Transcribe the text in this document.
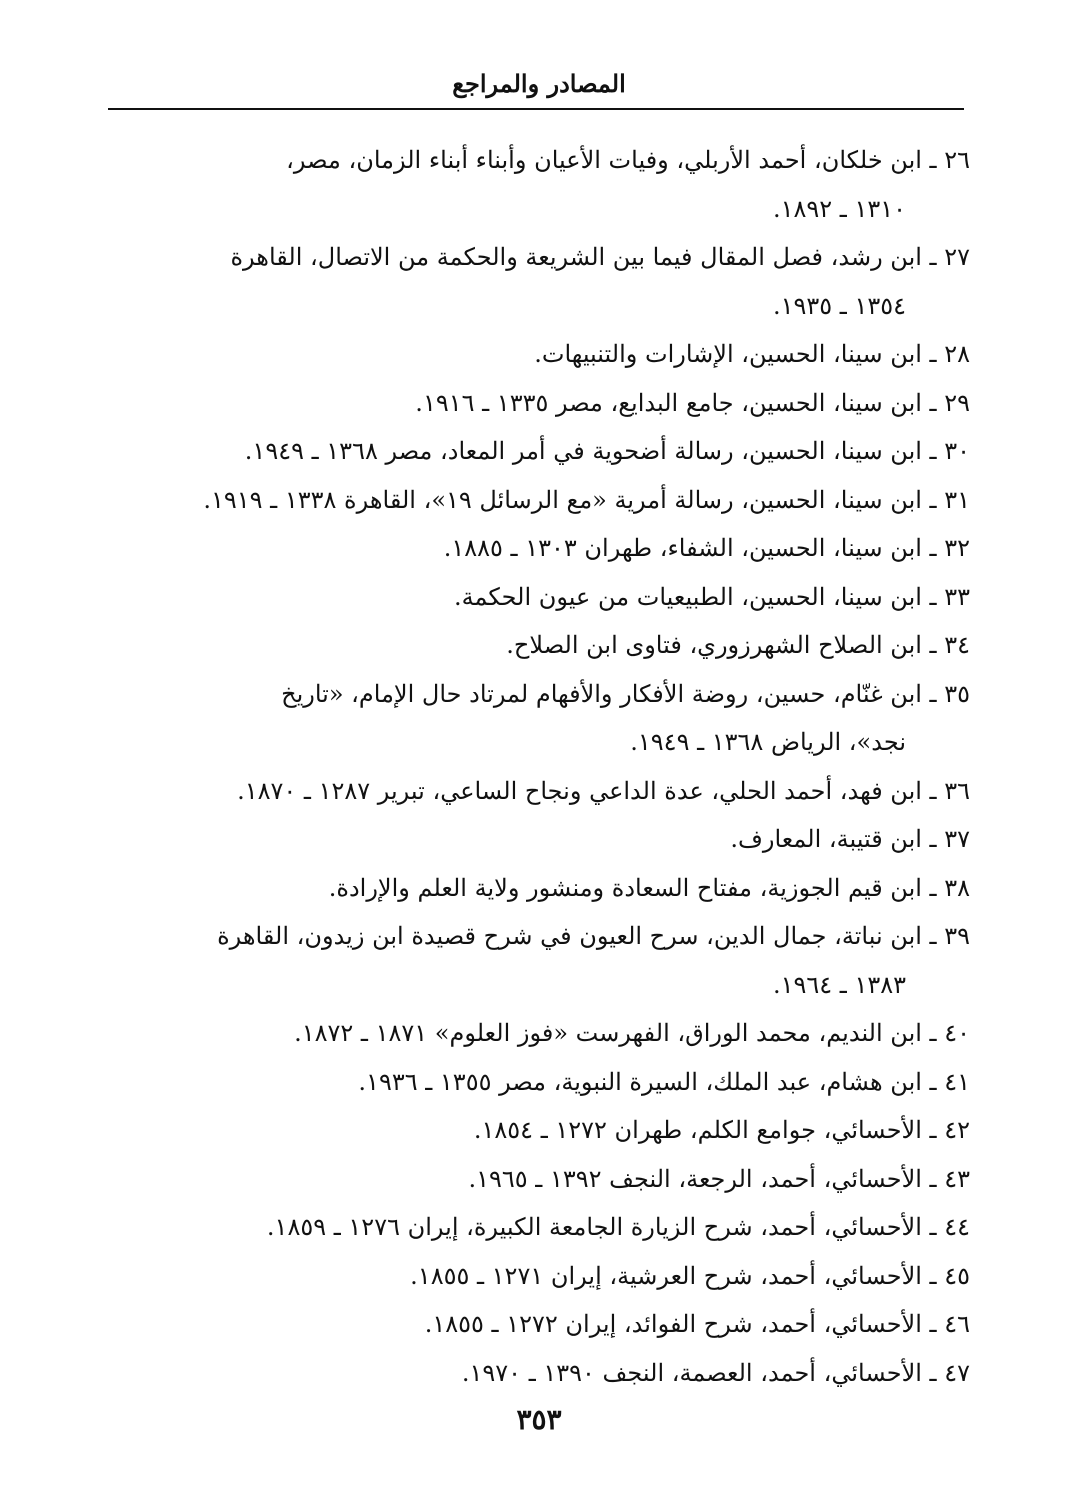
المصادر والمراجع
٢٦ ـ ابن خلكان، أحمد الأربلي، وفيات الأعيان وأبناء أبناء الزمان، مصر،
١٣١٠ ـ ١٨٩٢.
٢٧ ـ ابن رشد، فصل المقال فيما بين الشريعة والحكمة من الاتصال، القاهرة
١٣٥٤ ـ ١٩٣٥.
٢٨ ـ ابن سينا، الحسين، الإشارات والتنبيهات.
٢٩ ـ ابن سينا، الحسين، جامع البدايع، مصر ١٣٣٥ ـ ١٩١٦.
٣٠ ـ ابن سينا، الحسين، رسالة أضحوية في أمر المعاد، مصر ١٣٦٨ ـ ١٩٤٩.
٣١ ـ ابن سينا، الحسين، رسالة أمرية «مع الرسائل ١٩»، القاهرة ١٣٣٨ ـ ١٩١٩.
٣٢ ـ ابن سينا، الحسين، الشفاء، طهران ١٣٠٣ ـ ١٨٨٥.
٣٣ ـ ابن سينا، الحسين، الطبيعيات من عيون الحكمة.
٣٤ ـ ابن الصلاح الشهرزوري، فتاوى ابن الصلاح.
٣٥ ـ ابن غنّام، حسين، روضة الأفكار والأفهام لمرتاد حال الإمام، «تاريخ
نجد»، الرياض ١٣٦٨ ـ ١٩٤٩.
٣٦ ـ ابن فهد، أحمد الحلي، عدة الداعي ونجاح الساعي، تبرير ١٢٨٧ ـ ١٨٧٠.
٣٧ ـ ابن قتيبة، المعارف.
٣٨ ـ ابن قيم الجوزية، مفتاح السعادة ومنشور ولاية العلم والإرادة.
٣٩ ـ ابن نباتة، جمال الدين، سرح العيون في شرح قصيدة ابن زيدون، القاهرة
١٣٨٣ ـ ١٩٦٤.
٤٠ ـ ابن النديم، محمد الوراق، الفهرست «فوز العلوم» ١٨٧١ ـ ١٨٧٢.
٤١ ـ ابن هشام، عبد الملك، السيرة النبوية، مصر ١٣٥٥ ـ ١٩٣٦.
٤٢ ـ الأحسائي، جوامع الكلم، طهران ١٢٧٢ ـ ١٨٥٤.
٤٣ ـ الأحسائي، أحمد، الرجعة، النجف ١٣٩٢ ـ ١٩٦٥.
٤٤ ـ الأحسائي، أحمد، شرح الزيارة الجامعة الكبيرة، إيران ١٢٧٦ ـ ١٨٥٩.
٤٥ ـ الأحسائي، أحمد، شرح العرشية، إيران ١٢٧١ ـ ١٨٥٥.
٤٦ ـ الأحسائي، أحمد، شرح الفوائد، إيران ١٢٧٢ ـ ١٨٥٥.
٤٧ ـ الأحسائي، أحمد، العصمة، النجف ١٣٩٠ ـ ١٩٧٠.
٣٥٣
